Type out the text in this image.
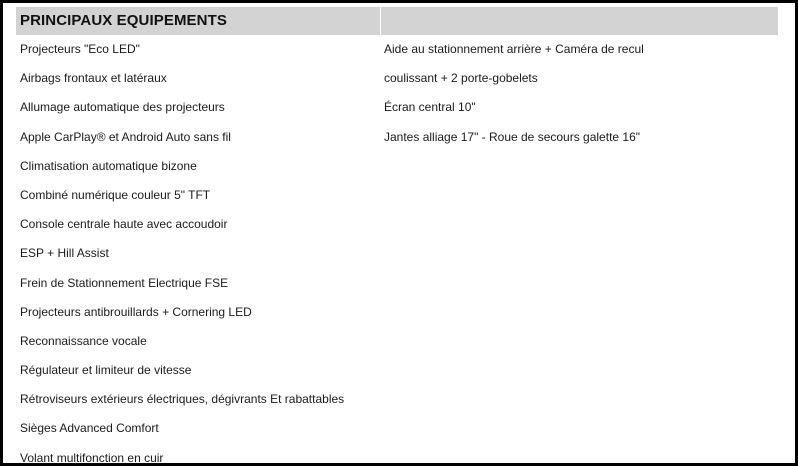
PRINCIPAUX EQUIPEMENTS
Projecteurs "Eco LED"
Airbags frontaux et latéraux
Allumage automatique des projecteurs
Apple CarPlay® et Android Auto sans fil
Climatisation automatique bizone
Combiné numérique couleur 5" TFT
Console centrale haute avec accoudoir
ESP + Hill Assist
Frein de Stationnement Electrique FSE
Projecteurs antibrouillards + Cornering LED
Reconnaissance vocale
Régulateur et limiteur de vitesse
Rétroviseurs extérieurs électriques, dégivrants Et rabattables
Sièges Advanced Comfort
Volant multifonction en cuir
Aide au stationnement arrière + Caméra de recul
coulissant + 2 porte-gobelets
Écran central 10"
Jantes alliage 17" - Roue de secours galette 16"
